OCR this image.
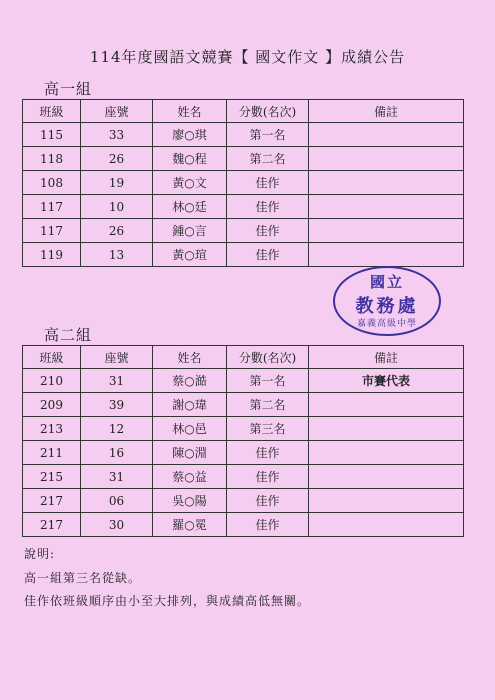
114年度國語文競賽【 國文作文 】成績公告
高一組
班級	座號	姓名	分數(名次)	備註
115	33	廖○琪	第一名	
118	26	魏○程	第二名	
108	19	黃○文	佳作	
117	10	林○廷	佳作	
117	26	鍾○言	佳作	
119	13	黃○瑄	佳作	
國立
教務處
嘉義高級中學
高二組
班級	座號	姓名	分數(名次)	備註
210	31	蔡○澔	第一名	市賽代表
209	39	謝○瑋	第二名	
213	12	林○邑	第三名	
211	16	陳○淵	佳作	
215	31	蔡○益	佳作	
217	06	吳○陽	佳作	
217	30	羅○冕	佳作	
說明:
高一組第三名從缺。
佳作依班級順序由小至大排列，與成績高低無關。
